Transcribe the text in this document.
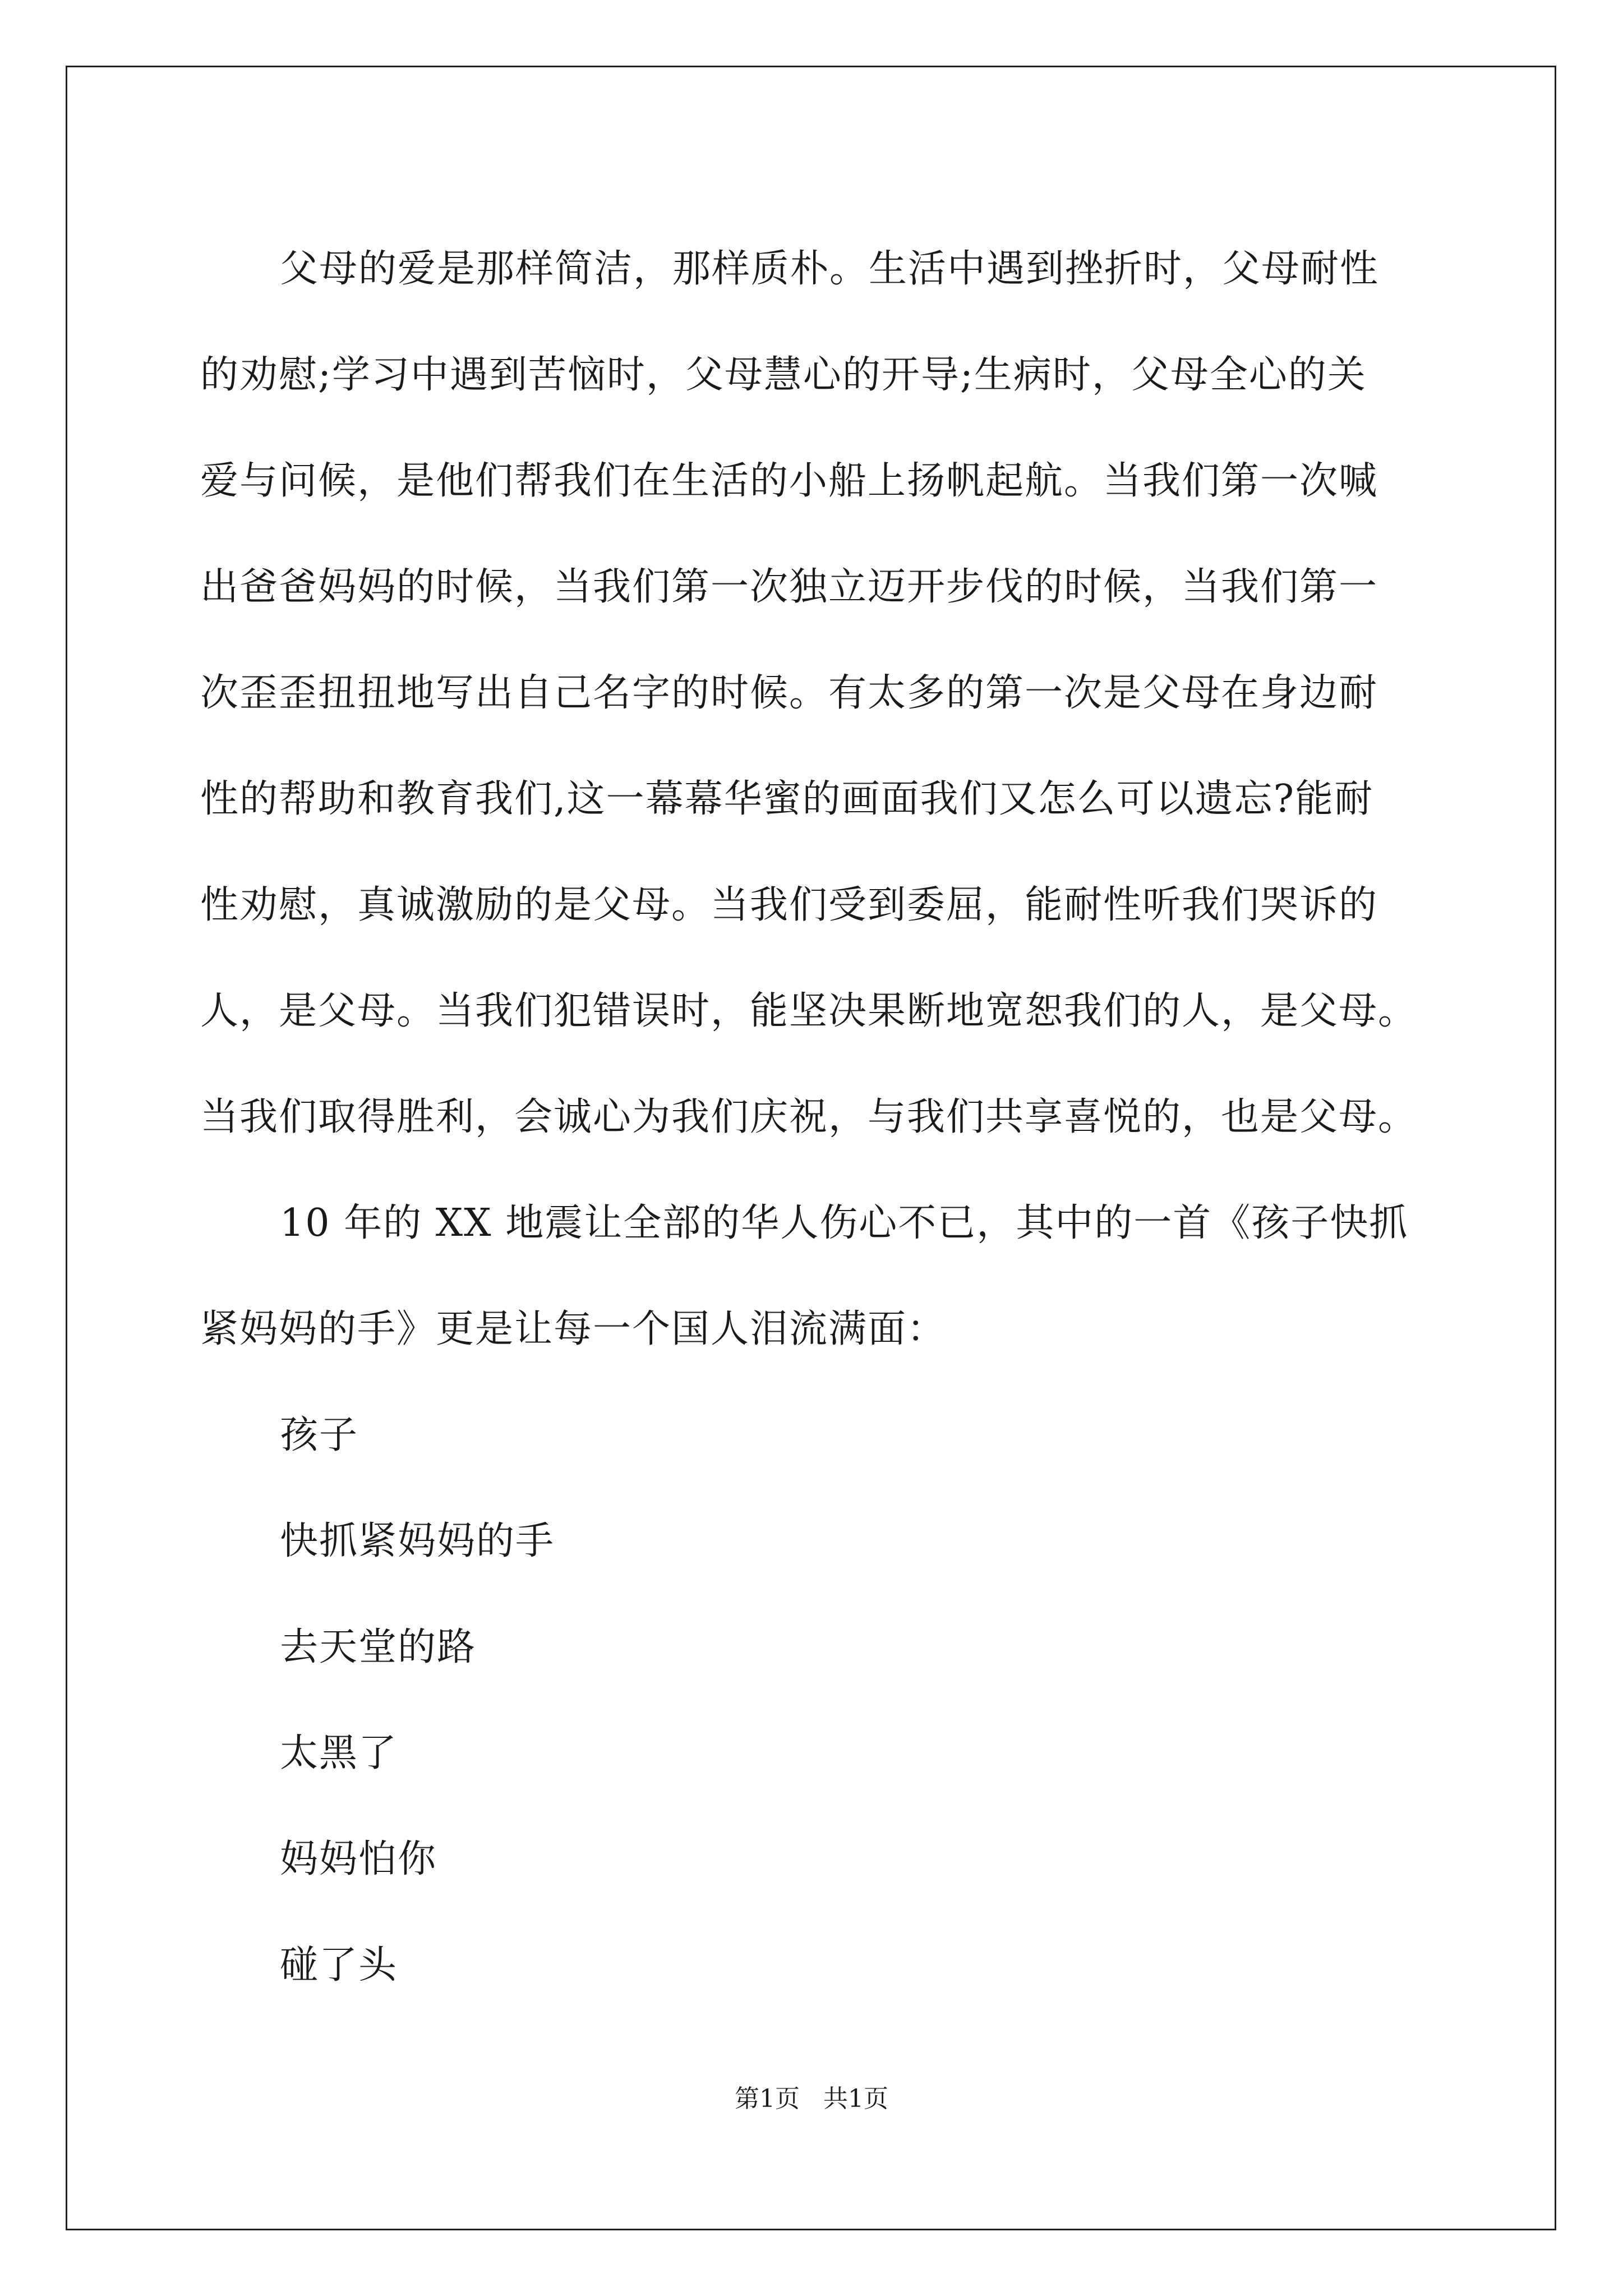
父母的爱是那样简洁，那样质朴。生活中遇到挫折时，父母耐性
的劝慰;学习中遇到苦恼时，父母慧心的开导;生病时，父母全心的关
爱与问候，是他们帮我们在生活的小船上扬帆起航。当我们第一次喊
出爸爸妈妈的时候，当我们第一次独立迈开步伐的时候，当我们第一
次歪歪扭扭地写出自己名字的时候。有太多的第一次是父母在身边耐
性的帮助和教育我们,这一幕幕华蜜的画面我们又怎么可以遗忘?能耐
性劝慰，真诚激励的是父母。当我们受到委屈，能耐性听我们哭诉的
人，是父母。当我们犯错误时，能坚决果断地宽恕我们的人，是父母。
当我们取得胜利，会诚心为我们庆祝，与我们共享喜悦的，也是父母。
10 年的 XX 地震让全部的华人伤心不已，其中的一首《孩子快抓
紧妈妈的手》更是让每一个国人泪流满面：
孩子
快抓紧妈妈的手
去天堂的路
太黑了
妈妈怕你
碰了头
第1页   共1页
